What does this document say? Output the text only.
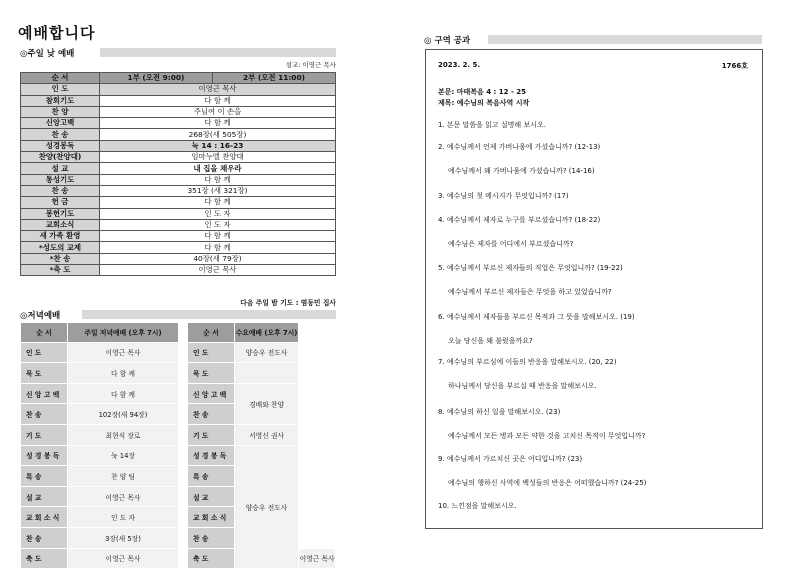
예배합니다
◎주일 낮 예배
설교: 이영근 목사
순 서	1부 (오전 9:00)	2부 (오전 11:00)
인 도	이영근 목사	
참회기도	다 함 께	
찬 양	주님여 이 손을	
신앙고백	다 함 께	
찬 송	268장(새 505장)	
성경봉독	눅 14 : 16-23	
찬양(찬양대)	임마누엘 찬양대	
설 교	내 집을 채우라	
통성기도	다 함 께	
찬 송	351장 (새 321장)	
헌 금	다 함 께	
봉헌기도	인 도 자	
교회소식	인 도 자	
새 가족 환영	다 함 께	
*성도의 교제	다 함 께	
*찬 송	40장(새 79장)	
*축 도	이영근 목사	
다음 주일 밤 기도 : 염동민 집사
◎저녁예배
순 서	주일 저녁예배 (오후 7시)		순 서	수요예배 (오후 7시)	
인 도	이영근 목사		인 도	양승우 전도사	
묵 도	다 함 께		묵 도		
신 앙 고 백	다 함 께		신 앙 고 백	경배와 찬양	
찬 송	102장(새 94장)		찬 송		
기 도	최현식 장로		기 도	서영신 권사	
성 경 봉 독	눅 14장		성 경 봉 독	양승우 전도사	
특 송	찬 양 팀		특 송		
설 교	이영근 목사		설 교		
교 회 소 식	인 도 자		교 회 소 식		
찬 송	3장(새 5장)		찬 송		
축 도	이영근 목사		축 도		이영근 목사
◎ 구역 공과
2023. 2. 5.	1766호
본문: 마태복음 4 : 12 - 25
제목: 예수님의 복음사역 시작
1. 본문 말씀을 읽고 설명해 보시오.
2. 예수님께서 언제 가버나움에 가셨습니까? (12-13)
예수님께서 왜 가버나움에 가셨습니까? (14-16)
3. 예수님의 첫 메시지가 무엇입니까? (17)
4. 예수님께서 제자로 누구를 부르셨습니까? (18-22)
예수님은 제자를 어디에서 부르셨습니까?
5. 예수님께서 부르신 제자들의 직업은 무엇입니까? (19-22)
예수님께서 부르신 제자들은 무엇을 하고 있었습니까?
6. 예수님께서 제자들을 부르신 목적과 그 뜻을 말해보시오. (19)
오늘 당신을 왜 불렀을까요?
7. 예수님의 부르심에 이들의 반응을 말해보시오. (20, 22)
하나님께서 당신을 부르실 때 반응을 말해보시오.
8. 예수님의 하신 일을 말해보시오. (23)
예수님께서 모든 병과 모든 약한 것을 고치신 목적이 무엇입니까?
9. 예수님께서 가르치신 곳은 어디입니까? (23)
예수님의 행하신 사역에 백성들의 반응은 어떠했습니까? (24-25)
10. 느낀점을 말해보시오.
